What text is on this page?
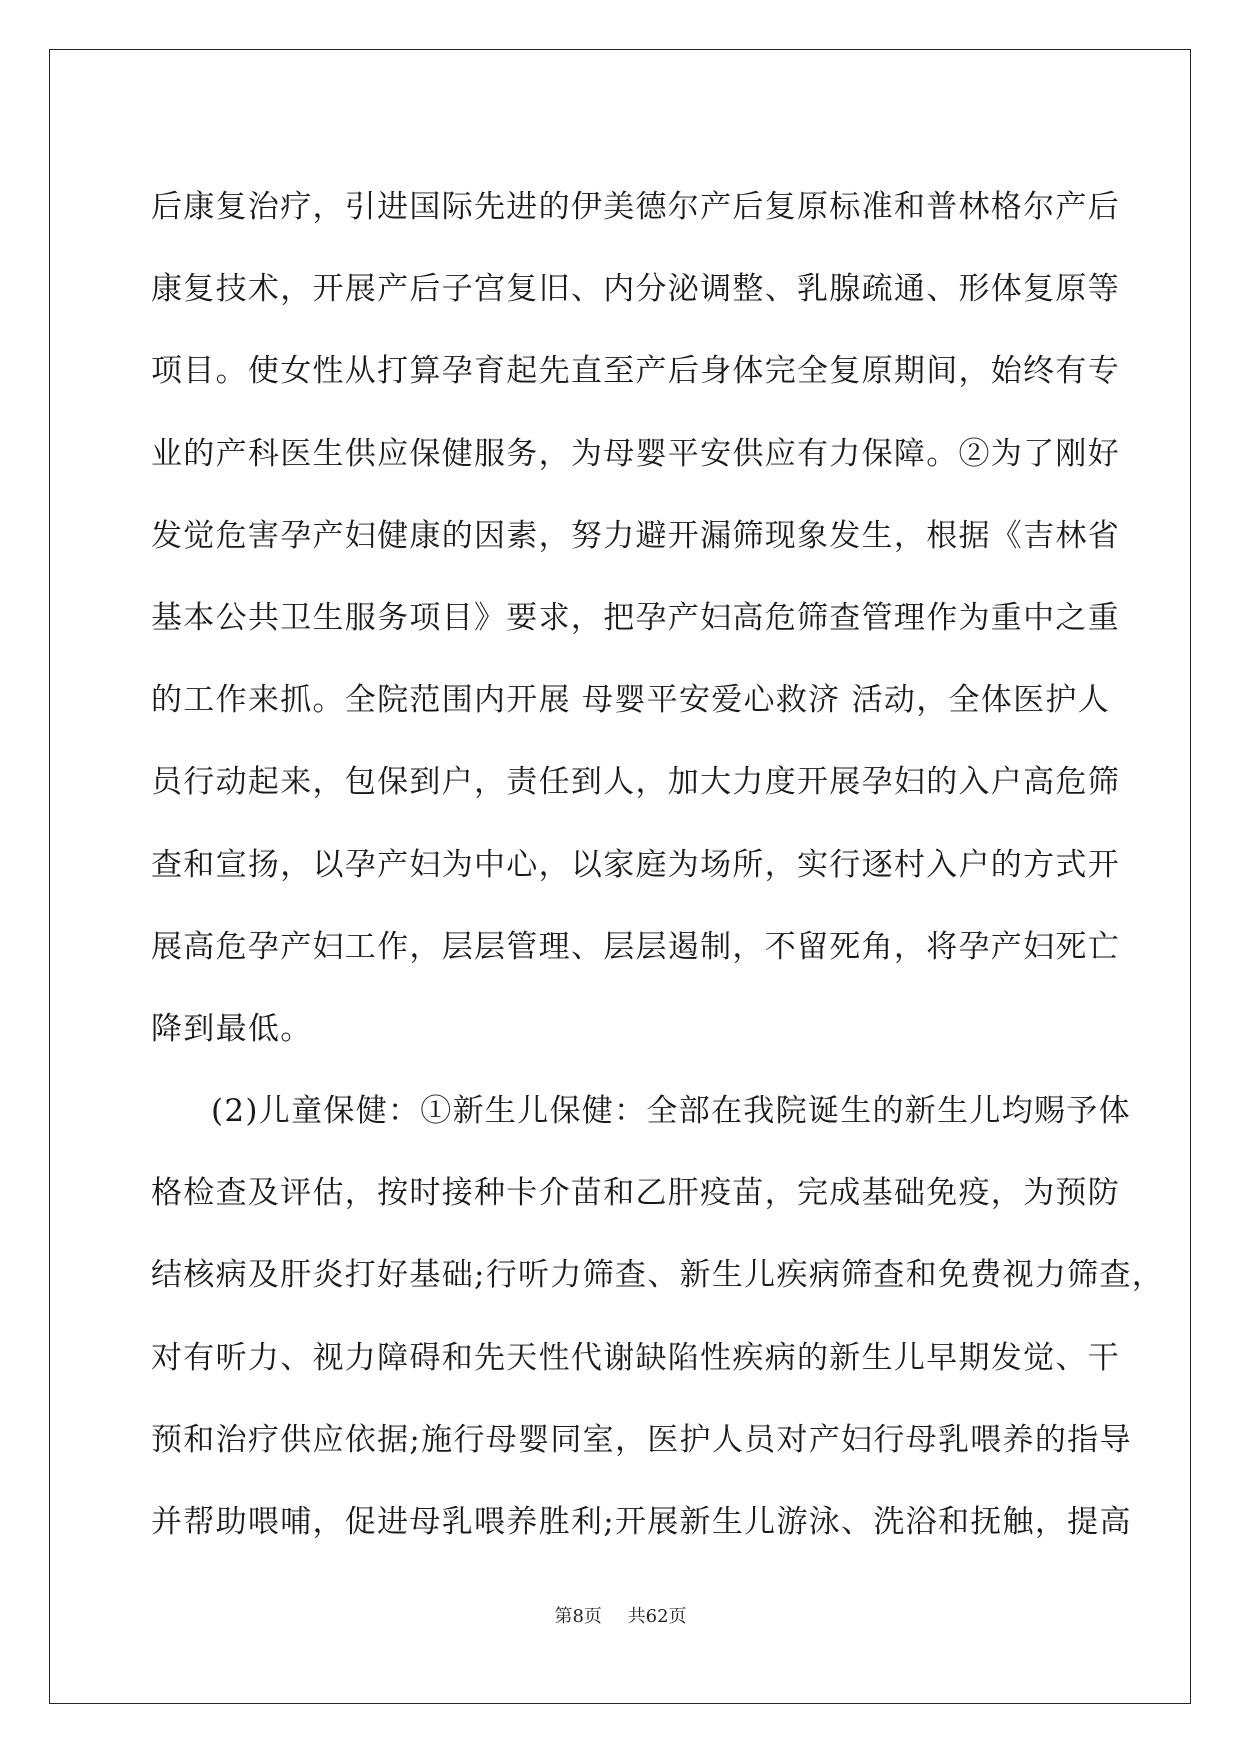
后康复治疗，引进国际先进的伊美德尔产后复原标准和普林格尔产后
康复技术，开展产后子宫复旧、内分泌调整、乳腺疏通、形体复原等
项目。使女性从打算孕育起先直至产后身体完全复原期间，始终有专
业的产科医生供应保健服务，为母婴平安供应有力保障。②为了刚好
发觉危害孕产妇健康的因素，努力避开漏筛现象发生，根据《吉林省
基本公共卫生服务项目》要求，把孕产妇高危筛查管理作为重中之重
的工作来抓。全院范围内开展 母婴平安爱心救济 活动，全体医护人
员行动起来，包保到户，责任到人，加大力度开展孕妇的入户高危筛
查和宣扬，以孕产妇为中心，以家庭为场所，实行逐村入户的方式开
展高危孕产妇工作，层层管理、层层遏制，不留死角，将孕产妇死亡
降到最低。
(2)儿童保健：①新生儿保健：全部在我院诞生的新生儿均赐予体
格检查及评估，按时接种卡介苗和乙肝疫苗，完成基础免疫，为预防
结核病及肝炎打好基础;行听力筛查、新生儿疾病筛查和免费视力筛查，
对有听力、视力障碍和先天性代谢缺陷性疾病的新生儿早期发觉、干
预和治疗供应依据;施行母婴同室，医护人员对产妇行母乳喂养的指导
并帮助喂哺，促进母乳喂养胜利;开展新生儿游泳、洗浴和抚触，提高
第8页 共62页
